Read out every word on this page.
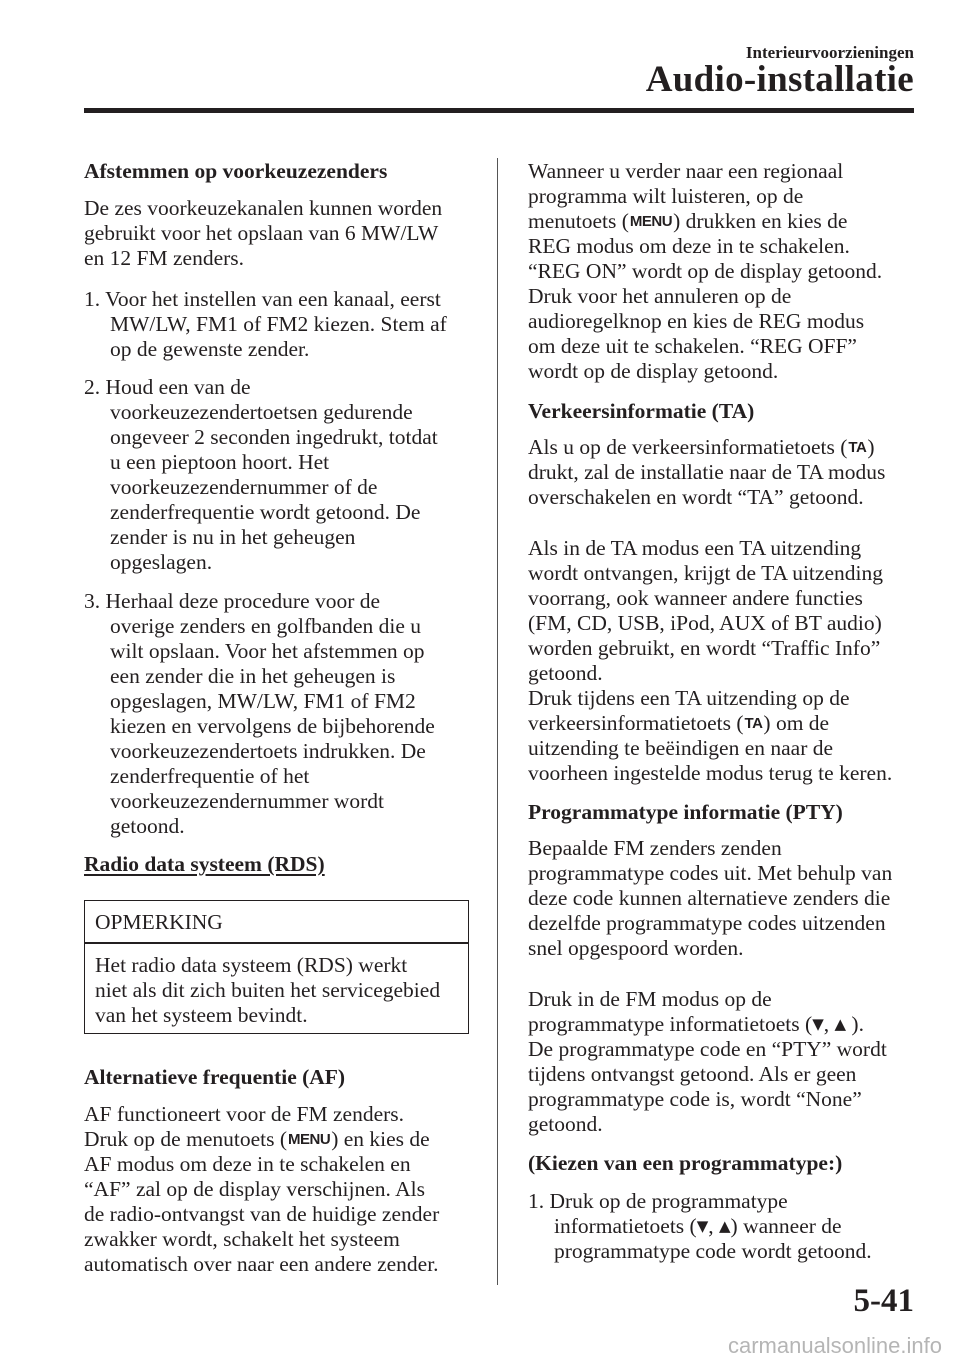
Interieurvoorzieningen
Audio-installatie
Afstemmen op voorkeuzezenders
De zes voorkeuzekanalen kunnen worden
gebruikt voor het opslaan van 6 MW/LW
en 12 FM zenders.
1. Voor het instellen van een kanaal, eerst
MW/LW, FM1 of FM2 kiezen. Stem af
op de gewenste zender.
2. Houd een van de
voorkeuzezendertoetsen gedurende
ongeveer 2 seconden ingedrukt, totdat
u een pieptoon hoort. Het
voorkeuzezendernummer of de
zenderfrequentie wordt getoond. De
zender is nu in het geheugen
opgeslagen.
3. Herhaal deze procedure voor de
overige zenders en golfbanden die u
wilt opslaan. Voor het afstemmen op
een zender die in het geheugen is
opgeslagen, MW/LW, FM1 of FM2
kiezen en vervolgens de bijbehorende
voorkeuzezendertoets indrukken. De
zenderfrequentie of het
voorkeuzezendernummer wordt
getoond.
Radio data systeem (RDS)
Alternatieve frequentie (AF)
AF functioneert voor de FM zenders.
Druk op de menutoets (MENU) en kies de
AF modus om deze in te schakelen en
“AF” zal op de display verschijnen. Als
de radio-ontvangst van de huidige zender
zwakker wordt, schakelt het systeem
automatisch over naar een andere zender.
OPMERKING
Het radio data systeem (RDS) werkt
niet als dit zich buiten het servicegebied
van het systeem bevindt.
Wanneer u verder naar een regionaal
programma wilt luisteren, op de
menutoets (MENU) drukken en kies de
REG modus om deze in te schakelen.
“REG ON” wordt op de display getoond.
Druk voor het annuleren op de
audioregelknop en kies de REG modus
om deze uit te schakelen. “REG OFF”
wordt op de display getoond.
Verkeersinformatie (TA)
Als u op de verkeersinformatietoets (TA)
drukt, zal de installatie naar de TA modus
overschakelen en wordt “TA” getoond.
Als in de TA modus een TA uitzending
wordt ontvangen, krijgt de TA uitzending
voorrang, ook wanneer andere functies
(FM, CD, USB, iPod, AUX of BT audio)
worden gebruikt, en wordt “Traffic Info”
getoond.
Druk tijdens een TA uitzending op de
verkeersinformatietoets (TA) om de
uitzending te beëindigen en naar de
voorheen ingestelde modus terug te keren.
Programmatype informatie (PTY)
Bepaalde FM zenders zenden
programmatype codes uit. Met behulp van
deze code kunnen alternatieve zenders die
dezelfde programmatype codes uitzenden
snel opgespoord worden.
Druk in de FM modus op de
programmatype informatietoets (▼, ▲ ).
De programmatype code en “PTY” wordt
tijdens ontvangst getoond. Als er geen
programmatype code is, wordt “None”
getoond.
(Kiezen van een programmatype:)
1. Druk op de programmatype
informatietoets (▼, ▲) wanneer de
programmatype code wordt getoond.
5-41
carmanualsonline.info
